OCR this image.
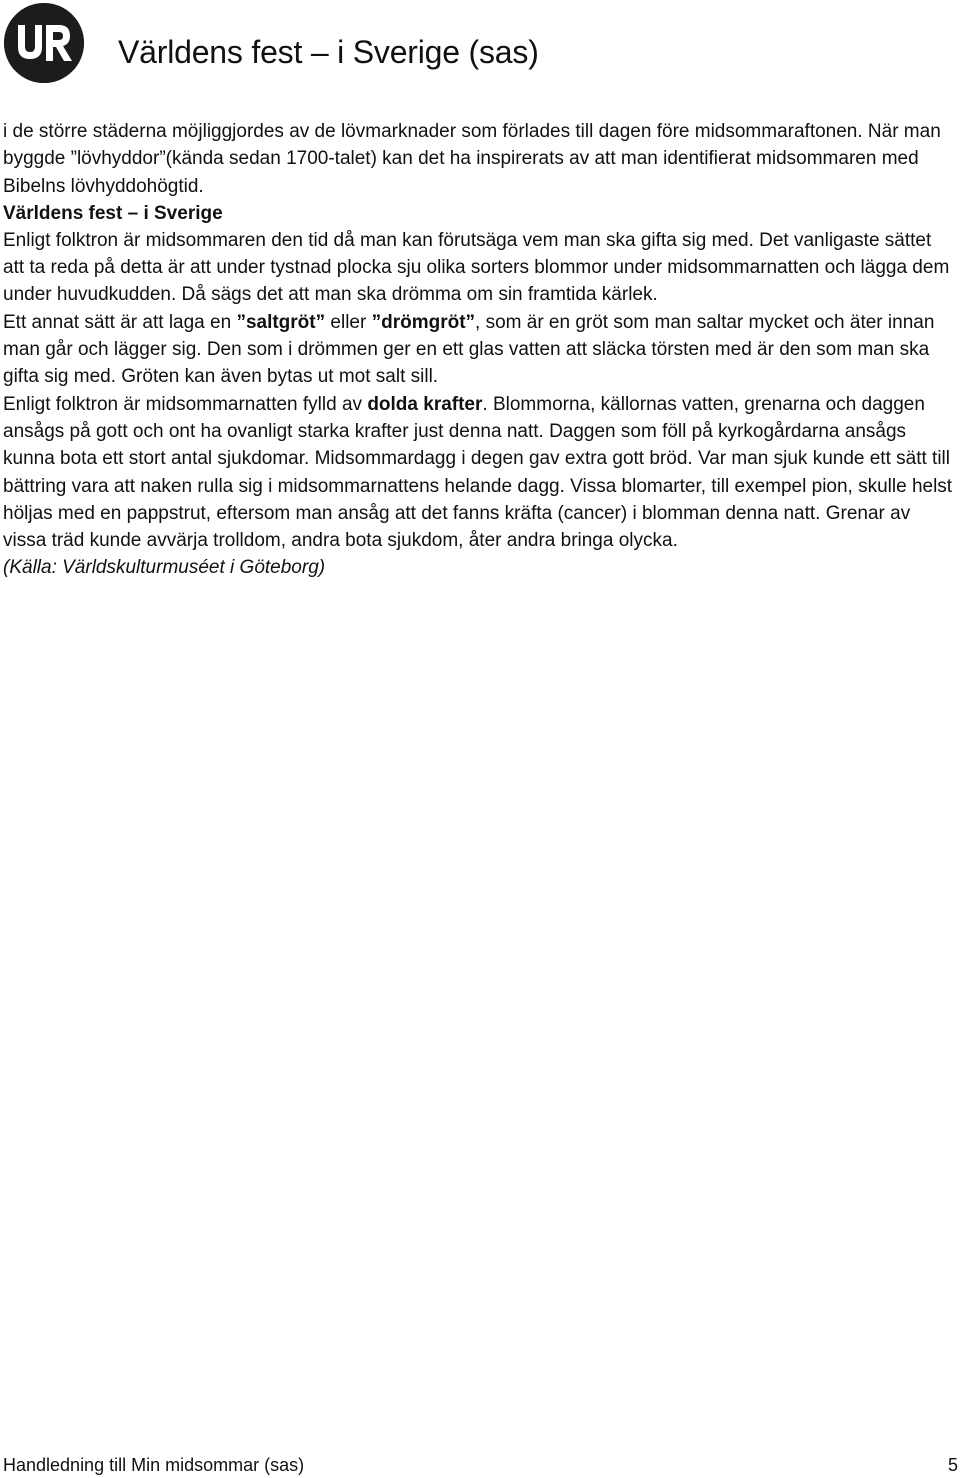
Världens fest – i Sverige (sas)

i de större städerna möjliggjordes av de lövmarknader som förlades till dagen före midsommaraftonen. När man byggde ”lövhyddor”(kända sedan 1700-talet) kan det ha inspirerats av att man identifierat midsommaren med Bibelns lövhyddohögtid.

Världens fest – i Sverige

Enligt folktron är midsommaren den tid då man kan förutsäga vem man ska gifta sig med. Det vanligaste sättet att ta reda på detta är att under tystnad plocka sju olika sorters blommor under midsommarnatten och lägga dem under huvudkudden. Då sägs det att man ska drömma om sin framtida kärlek.

Ett annat sätt är att laga en ”saltgröt” eller ”drömgröt”, som är en gröt som man saltar mycket och äter innan man går och lägger sig. Den som i drömmen ger en ett glas vatten att släcka törsten med är den som man ska gifta sig med. Gröten kan även bytas ut mot salt sill.

Enligt folktron är midsommarnatten fylld av dolda krafter. Blommorna, källornas vatten, grenarna och daggen ansågs på gott och ont ha ovanligt starka krafter just denna natt. Daggen som föll på kyrkogårdarna ansågs kunna bota ett stort antal sjukdomar. Midsommardagg i degen gav extra gott bröd. Var man sjuk kunde ett sätt till bättring vara att naken rulla sig i midsommarnattens helande dagg. Vissa blomarter, till exempel pion, skulle helst höljas med en pappstrut, eftersom man ansåg att det fanns kräfta (cancer) i blomman denna natt. Grenar av vissa träd kunde avvärja trolldom, andra bota sjukdom, åter andra bringa olycka.

(Källa: Världskulturmuséet i Göteborg)

Handledning till Min midsommar (sas)	5
